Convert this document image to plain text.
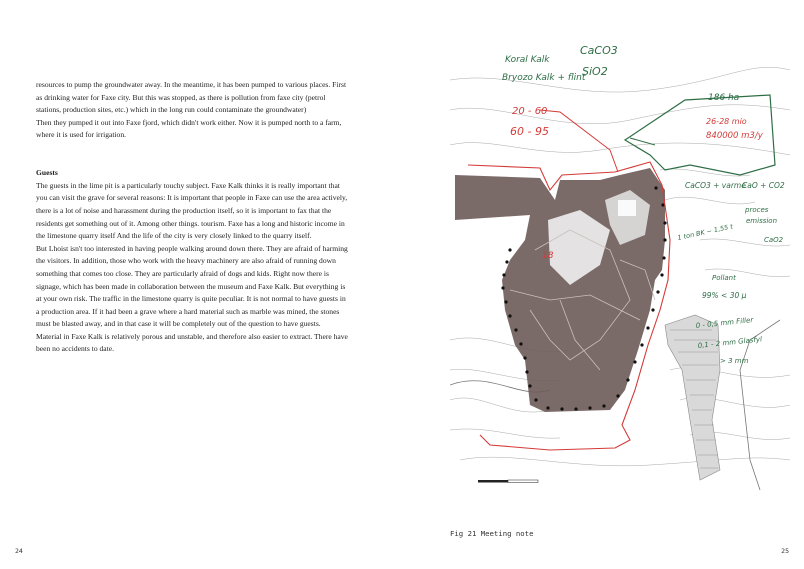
resources to pump the groundwater away. In the meantime, it has been pumped to various places. First as drinking water for Faxe city. But this was stopped, as there is pollution from faxe city (petrol stations, production sites, etc.) which in the long run could contaminate the groundwater)

Then they pumped it out into Faxe fjord, which didn't work either. Now it is pumped north to a farm, where it is used for irrigation.

Guests

The guests in the lime pit is a particularly touchy subject. Faxe Kalk thinks it is really important that you can visit the grave for several reasons: It is important that people in Faxe can use the area actively, there is a lot of noise and harassment during the production itself, so it is important to fax that the residents get something out of it. Among other things. tourism. Faxe has a long and historic income in the limestone quarry itself And the life of the city is very closely linked to the quarry itself.

But Lhoist isn't too interested in having people walking around down there. They are afraid of harming the visitors. In addition, those who work with the heavy machinery are also afraid of running down something that comes too close. They are particularly afraid of dogs and kids. Right now there is signage, which has been made in collaboration between the museum and Faxe Kalk. But everything is at your own risk. The traffic in the limestone quarry is quite peculiar. It is not normal to have guests in a production area. If it had been a grave where a hard material such as marble was mined, the stones must be blasted away, and in that case it will be completely out of the question to have guests. Material in Faxe Kalk is relatively porous and unstable, and therefore also easier to extract. There have been no accidents to date.

24
Koral Kalk
Bryozo Kalk + flint
CaCO3
SiO2
186 ha
26-28 mio
840000 m3/y
CaCO3 + varme
CaO + CO2
proces
emission
1 ton BK ~ 1,55 t	CaO2
Pollant
99% < 30 µ
0 - 0,5 mm Filler
0,1 - 2 mm Glasfyl
> 3 mm
20 - 60
60 - 95
18
Fig 21 Meeting note
25
